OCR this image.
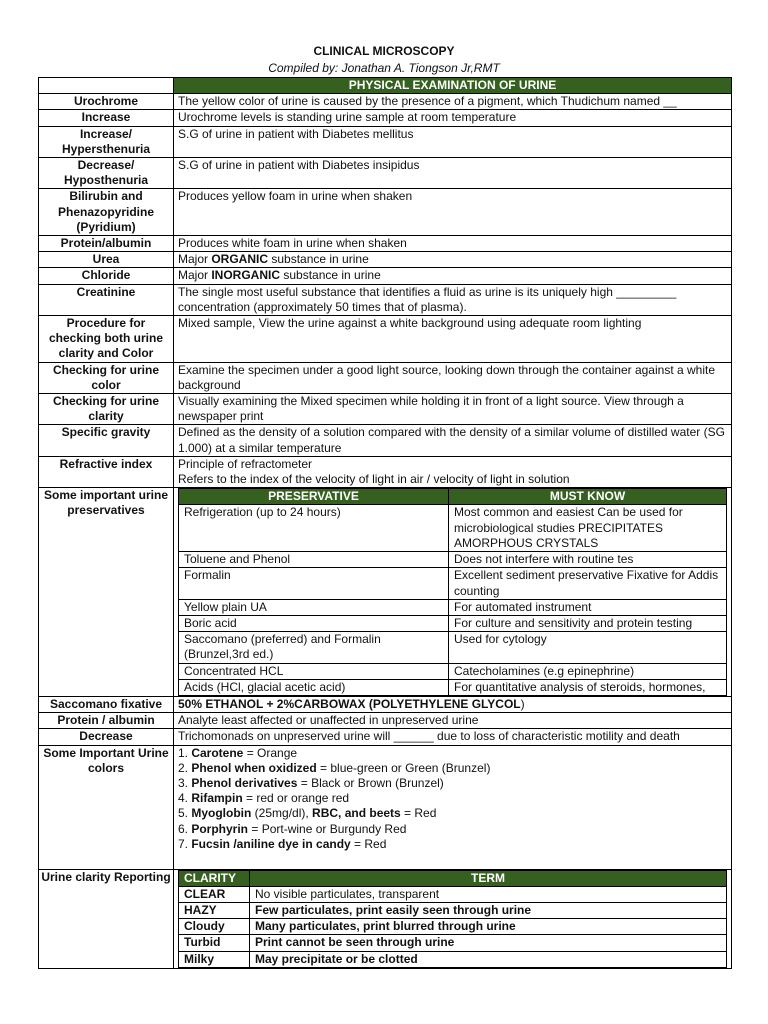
CLINICAL MICROSCOPY
Compiled by: Jonathan A. Tiongson Jr,RMT
	PHYSICAL EXAMINATION OF URINE
Urochrome	The yellow color of urine is caused by the presence of a pigment, which Thudichum named __
Increase	Urochrome levels is standing urine sample at room temperature
Increase/ Hypersthenuria	S.G of urine in patient with Diabetes mellitus
Decrease/ Hyposthenuria	S.G of urine in patient with Diabetes insipidus
Bilirubin and Phenazopyridine (Pyridium)	Produces yellow foam in urine when shaken
Protein/albumin	Produces white foam in urine when shaken
Urea	Major ORGANIC substance in urine
Chloride	Major INORGANIC substance in urine
Creatinine	The single most useful substance that identifies a fluid as urine is its uniquely high _________ concentration (approximately 50 times that of plasma).
Procedure for checking both urine clarity and Color	Mixed sample, View the urine against a white background using adequate room lighting
Checking for urine color	Examine the specimen under a good light source, looking down through the container against a white background
Checking for urine clarity	Visually examining the Mixed specimen while holding it in front of a light source. View through a newspaper print
Specific gravity	Defined as the density of a solution compared with the density of a similar volume of distilled water (SG 1.000) at a similar temperature
Refractive index	Principle of refractometer
Refers to the index of the velocity of light in air / velocity of light in solution

Some important urine preservatives	
PRESERVATIVE	MUST KNOW
Refrigeration (up to 24 hours)	Most common and easiest Can be used for microbiological studies PRECIPITATES AMORPHOUS CRYSTALS
Toluene and Phenol	Does not interfere with routine tes
Formalin	Excellent sediment preservative Fixative for Addis counting
Yellow plain UA	For automated instrument
Boric acid	For culture and sensitivity and protein testing
Saccomano (preferred) and Formalin (Brunzel,3rd ed.)	Used for cytology
Concentrated HCL	Catecholamines (e.g epinephrine)
Acids (HCl, glacial acetic acid)	For quantitative analysis of steroids, hormones,

Saccomano fixative	50% ETHANOL + 2%CARBOWAX (POLYETHYLENE GLYCOL)
Protein / albumin	Analyte least affected or unaffected in unpreserved urine
Decrease	Trichomonads on unpreserved urine will ______ due to loss of characteristic motility and death
Some Important Urine colors	
1. Carotene = Orange
2. Phenol when oxidized = blue-green or Green (Brunzel)
3. Phenol derivatives = Black or Brown (Brunzel)
4. Rifampin = red or orange red
5. Myoglobin (25mg/dl), RBC, and beets = Red
6. Porphyrin = Port-wine or Burgundy Red
7. Fucsin /aniline dye in candy = Red

Urine clarity Reporting	CLARITY	TERM
CLEAR	No visible particulates, transparent
HAZY	Few particulates, print easily seen through urine
Cloudy	Many particulates, print blurred through urine
Turbid	Print cannot be seen through urine
Milky	May precipitate or be clotted
